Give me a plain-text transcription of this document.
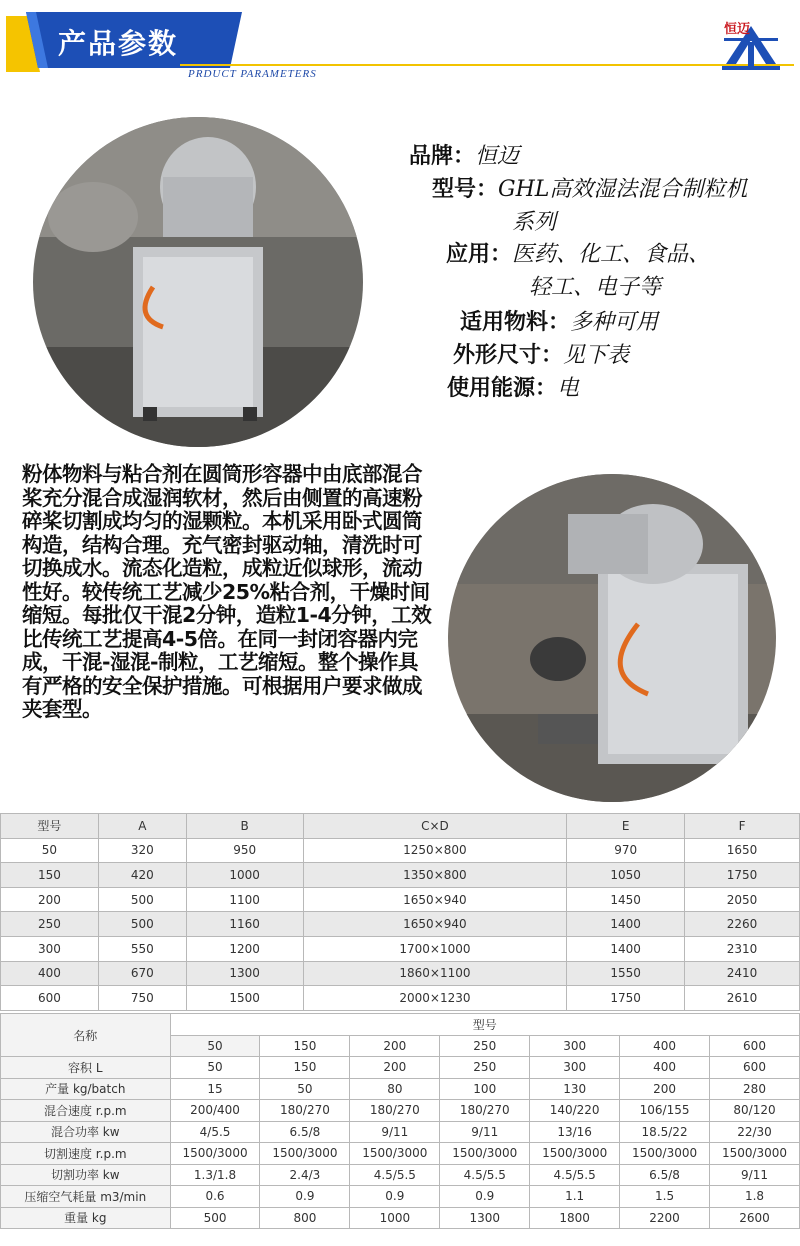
产品参数
PRDUCT PARAMETERS
恒迈
品牌：恒迈
型号：GHL高效湿法混合制粒机
系列
应用：医药、化工、食品、
轻工、电子等
适用物料：多种可用
外形尺寸：见下表
使用能源：电
粉体物料与粘合剂在圆筒形容器中由底部混合桨充分混合成湿润软材，然后由侧置的高速粉碎桨切割成均匀的湿颗粒。本机采用卧式圆筒构造，结构合理。充气密封驱动轴，清洗时可切换成水。流态化造粒，成粒近似球形，流动性好。较传统工艺减少25%粘合剂，干燥时间缩短。每批仅干混2分钟，造粒1-4分钟，工效比传统工艺提高4-5倍。在同一封闭容器内完成，干混-湿混-制粒，工艺缩短。整个操作具有严格的安全保护措施。可根据用户要求做成夹套型。
型号	A	B	C×D	E	F
50	320	950	1250×800	970	1650
150	420	1000	1350×800	1050	1750
200	500	1100	1650×940	1450	2050
250	500	1160	1650×940	1400	2260
300	550	1200	1700×1000	1400	2310
400	670	1300	1860×1100	1550	2410
600	750	1500	2000×1230	1750	2610
名称	型号						
	50	150	200	250	300	400	600
容积 L	50	150	200	250	300	400	600
产量 kg/batch	15	50	80	100	130	200	280
混合速度 r.p.m	200/400	180/270	180/270	180/270	140/220	106/155	80/120
混合功率 kw	4/5.5	6.5/8	9/11	9/11	13/16	18.5/22	22/30
切割速度 r.p.m	1500/3000	1500/3000	1500/3000	1500/3000	1500/3000	1500/3000	1500/3000
切割功率 kw	1.3/1.8	2.4/3	4.5/5.5	4.5/5.5	4.5/5.5	6.5/8	9/11
压缩空气耗量 m3/min	0.6	0.9	0.9	0.9	1.1	1.5	1.8
重量 kg	500	800	1000	1300	1800	2200	2600
